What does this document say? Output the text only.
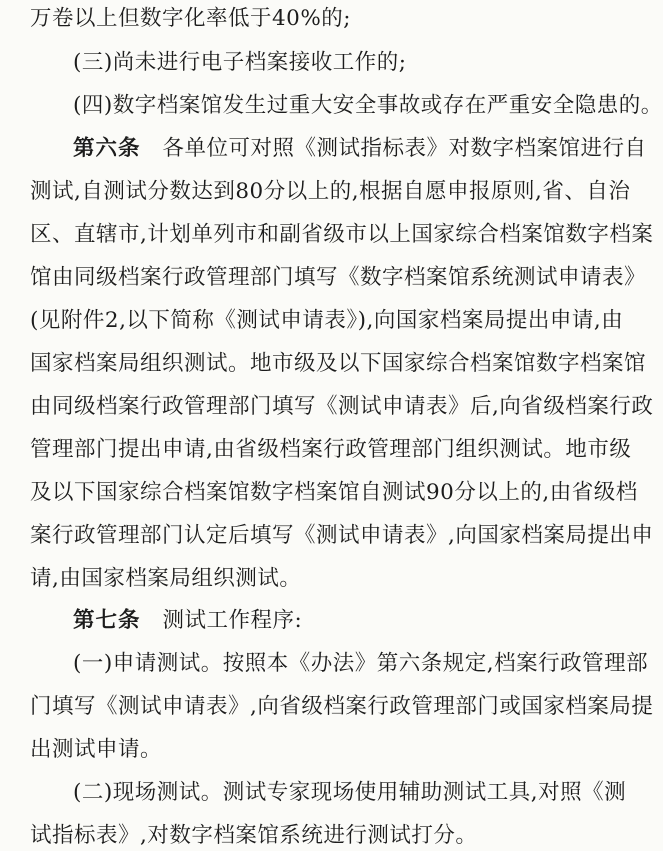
万卷以上但数字化率低于40%的;
(三)尚未进行电子档案接收工作的;
(四)数字档案馆发生过重大安全事故或存在严重安全隐患的。
第六条 各单位可对照《测试指标表》对数字档案馆进行自
测试,自测试分数达到80分以上的,根据自愿申报原则,省、自治
区、直辖市,计划单列市和副省级市以上国家综合档案馆数字档案
馆由同级档案行政管理部门填写《数字档案馆系统测试申请表》
(见附件2,以下简称《测试申请表》),向国家档案局提出申请,由
国家档案局组织测试。地市级及以下国家综合档案馆数字档案馆
由同级档案行政管理部门填写《测试申请表》后,向省级档案行政
管理部门提出申请,由省级档案行政管理部门组织测试。地市级
及以下国家综合档案馆数字档案馆自测试90分以上的,由省级档
案行政管理部门认定后填写《测试申请表》,向国家档案局提出申
请,由国家档案局组织测试。
第七条 测试工作程序:
(一)申请测试。按照本《办法》第六条规定,档案行政管理部
门填写《测试申请表》,向省级档案行政管理部门或国家档案局提
出测试申请。
(二)现场测试。测试专家现场使用辅助测试工具,对照《测
试指标表》,对数字档案馆系统进行测试打分。
